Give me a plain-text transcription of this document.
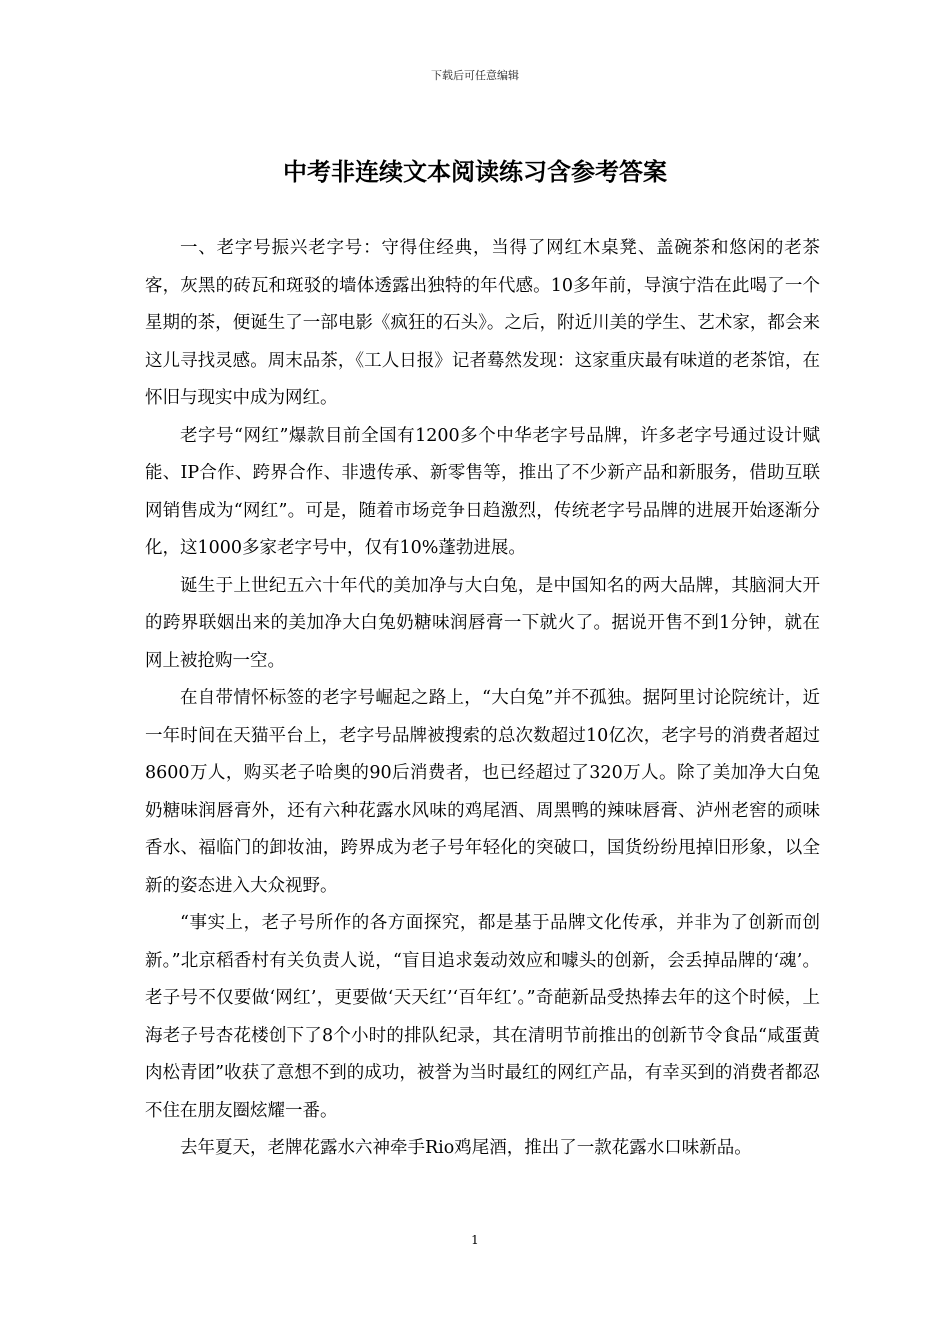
下载后可任意编辑
中考非连续文本阅读练习含参考答案

一、老字号振兴老字号：守得住经典，当得了网红木桌凳、盖碗茶和悠闲的老茶客，灰黑的砖瓦和斑驳的墙体透露出独特的年代感。10多年前，导演宁浩在此喝了一个星期的茶，便诞生了一部电影《疯狂的石头》。之后，附近川美的学生、艺术家，都会来这儿寻找灵感。周末品茶，《工人日报》记者蓦然发现：这家重庆最有味道的老茶馆，在怀旧与现实中成为网红。

老字号“网红”爆款目前全国有1200多个中华老字号品牌，许多老字号通过设计赋能、IP合作、跨界合作、非遗传承、新零售等，推出了不少新产品和新服务，借助互联网销售成为“网红”。可是，随着市场竞争日趋激烈，传统老字号品牌的进展开始逐渐分化，这1000多家老字号中，仅有10%蓬勃进展。

诞生于上世纪五六十年代的美加净与大白兔，是中国知名的两大品牌，其脑洞大开的跨界联姻出来的美加净大白兔奶糖味润唇膏一下就火了。据说开售不到1分钟，就在网上被抢购一空。

在自带情怀标签的老字号崛起之路上，“大白兔”并不孤独。据阿里讨论院统计，近一年时间在天猫平台上，老字号品牌被搜索的总次数超过10亿次，老字号的消费者超过8600万人，购买老子哈奥的90后消费者，也已经超过了320万人。除了美加净大白兔奶糖味润唇膏外，还有六种花露水风味的鸡尾酒、周黑鸭的辣味唇膏、泸州老窖的顽味香水、福临门的卸妆油，跨界成为老子号年轻化的突破口，国货纷纷甩掉旧形象，以全新的姿态进入大众视野。

“事实上，老子号所作的各方面探究，都是基于品牌文化传承，并非为了创新而创新。”北京稻香村有关负责人说，“盲目追求轰动效应和噱头的创新，会丢掉品牌的‘魂’。老子号不仅要做‘网红’，更要做‘天天红’‘百年红’。”奇葩新品受热捧去年的这个时候，上海老子号杏花楼创下了8个小时的排队纪录，其在清明节前推出的创新节令食品“咸蛋黄肉松青团”收获了意想不到的成功，被誉为当时最红的网红产品，有幸买到的消费者都忍不住在朋友圈炫耀一番。

去年夏天，老牌花露水六神牵手Rio鸡尾酒，推出了一款花露水口味新品。

1
